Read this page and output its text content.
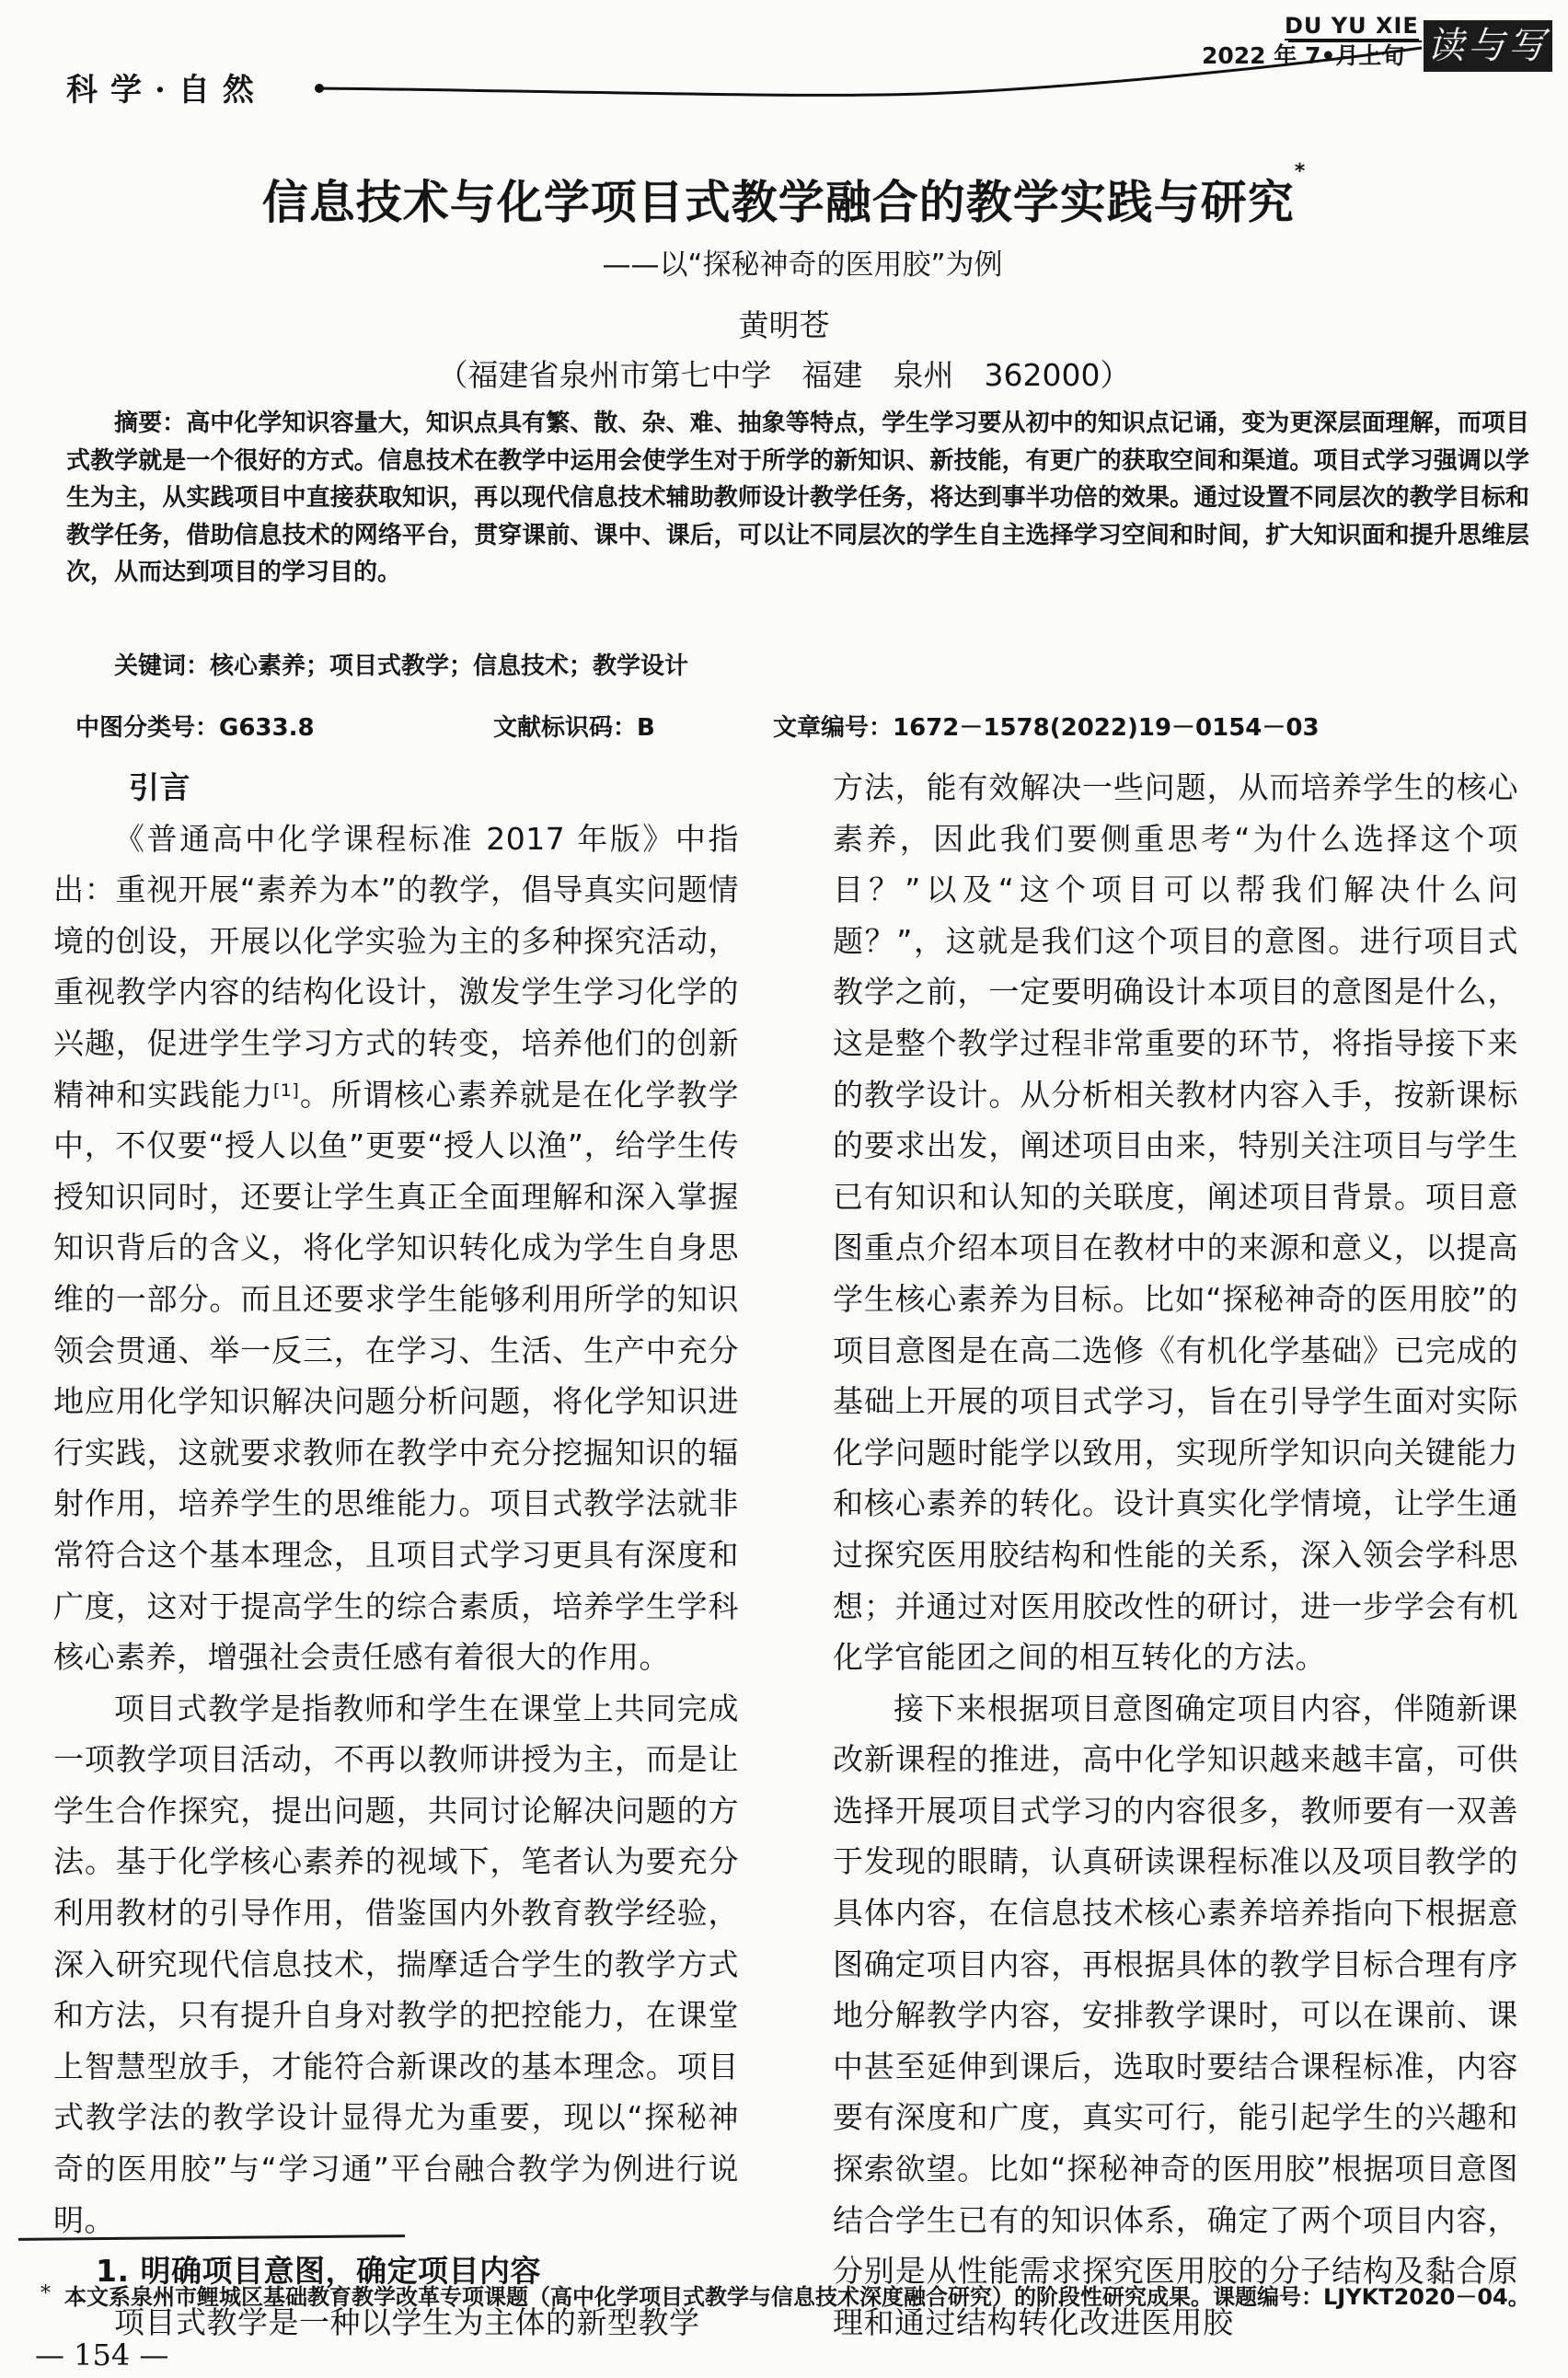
科学·自然
DU YU XIE
2022 年 7•月上旬 读与写
信息技术与化学项目式教学融合的教学实践与研究*
——以“探秘神奇的医用胶”为例
黄明苍
（福建省泉州市第七中学　福建　泉州　362000）
摘要：高中化学知识容量大，知识点具有繁、散、杂、难、抽象等特点，学生学习要从初中的知识点记诵，变为更深层面理解，而项目式教学就是一个很好的方式。信息技术在教学中运用会使学生对于所学的新知识、新技能，有更广的获取空间和渠道。项目式学习强调以学生为主，从实践项目中直接获取知识，再以现代信息技术辅助教师设计教学任务，将达到事半功倍的效果。通过设置不同层次的教学目标和教学任务，借助信息技术的网络平台，贯穿课前、课中、课后，可以让不同层次的学生自主选择学习空间和时间，扩大知识面和提升思维层次，从而达到项目的学习目的。
关键词：核心素养；项目式教学；信息技术；教学设计
中图分类号：G633.8	文献标识码：B	文章编号：1672－1578(2022)19－0154－03
引言

《普通高中化学课程标准 2017 年版》中指出：重视开展“素养为本”的教学，倡导真实问题情境的创设，开展以化学实验为主的多种探究活动，重视教学内容的结构化设计，激发学生学习化学的兴趣，促进学生学习方式的转变，培养他们的创新精神和实践能力[1]。所谓核心素养就是在化学教学中，不仅要“授人以鱼”更要“授人以渔”，给学生传授知识同时，还要让学生真正全面理解和深入掌握知识背后的含义，将化学知识转化成为学生自身思维的一部分。而且还要求学生能够利用所学的知识领会贯通、举一反三，在学习、生活、生产中充分地应用化学知识解决问题分析问题，将化学知识进行实践，这就要求教师在教学中充分挖掘知识的辐射作用，培养学生的思维能力。项目式教学法就非常符合这个基本理念，且项目式学习更具有深度和广度，这对于提高学生的综合素质，培养学生学科核心素养，增强社会责任感有着很大的作用。

项目式教学是指教师和学生在课堂上共同完成一项教学项目活动，不再以教师讲授为主，而是让学生合作探究，提出问题，共同讨论解决问题的方法。基于化学核心素养的视域下，笔者认为要充分利用教材的引导作用，借鉴国内外教育教学经验，深入研究现代信息技术，揣摩适合学生的教学方式和方法，只有提升自身对教学的把控能力，在课堂上智慧型放手，才能符合新课改的基本理念。项目式教学法的教学设计显得尤为重要，现以“探秘神奇的医用胶”与“学习通”平台融合教学为例进行说明。

1. 明确项目意图，确定项目内容

项目式教学是一种以学生为主体的新型教学

方法，能有效解决一些问题，从而培养学生的核心素养，因此我们要侧重思考“为什么选择这个项目？”以及“这个项目可以帮我们解决什么问题？”，这就是我们这个项目的意图。进行项目式教学之前，一定要明确设计本项目的意图是什么，这是整个教学过程非常重要的环节，将指导接下来的教学设计。从分析相关教材内容入手，按新课标的要求出发，阐述项目由来，特别关注项目与学生已有知识和认知的关联度，阐述项目背景。项目意图重点介绍本项目在教材中的来源和意义，以提高学生核心素养为目标。比如“探秘神奇的医用胶”的项目意图是在高二选修《有机化学基础》已完成的基础上开展的项目式学习，旨在引导学生面对实际化学问题时能学以致用，实现所学知识向关键能力和核心素养的转化。设计真实化学情境，让学生通过探究医用胶结构和性能的关系，深入领会学科思想；并通过对医用胶改性的研讨，进一步学会有机化学官能团之间的相互转化的方法。

接下来根据项目意图确定项目内容，伴随新课改新课程的推进，高中化学知识越来越丰富，可供选择开展项目式学习的内容很多，教师要有一双善于发现的眼睛，认真研读课程标准以及项目教学的具体内容，在信息技术核心素养培养指向下根据意图确定项目内容，再根据具体的教学目标合理有序地分解教学内容，安排教学课时，可以在课前、课中甚至延伸到课后，选取时要结合课程标准，内容要有深度和广度，真实可行，能引起学生的兴趣和探索欲望。比如“探秘神奇的医用胶”根据项目意图结合学生已有的知识体系，确定了两个项目内容，分别是从性能需求探究医用胶的分子结构及黏合原理和通过结构转化改进医用胶

* 本文系泉州市鲤城区基础教育教学改革专项课题（高中化学项目式教学与信息技术深度融合研究）的阶段性研究成果。课题编号：LJYKT2020－04。
— 154 —
